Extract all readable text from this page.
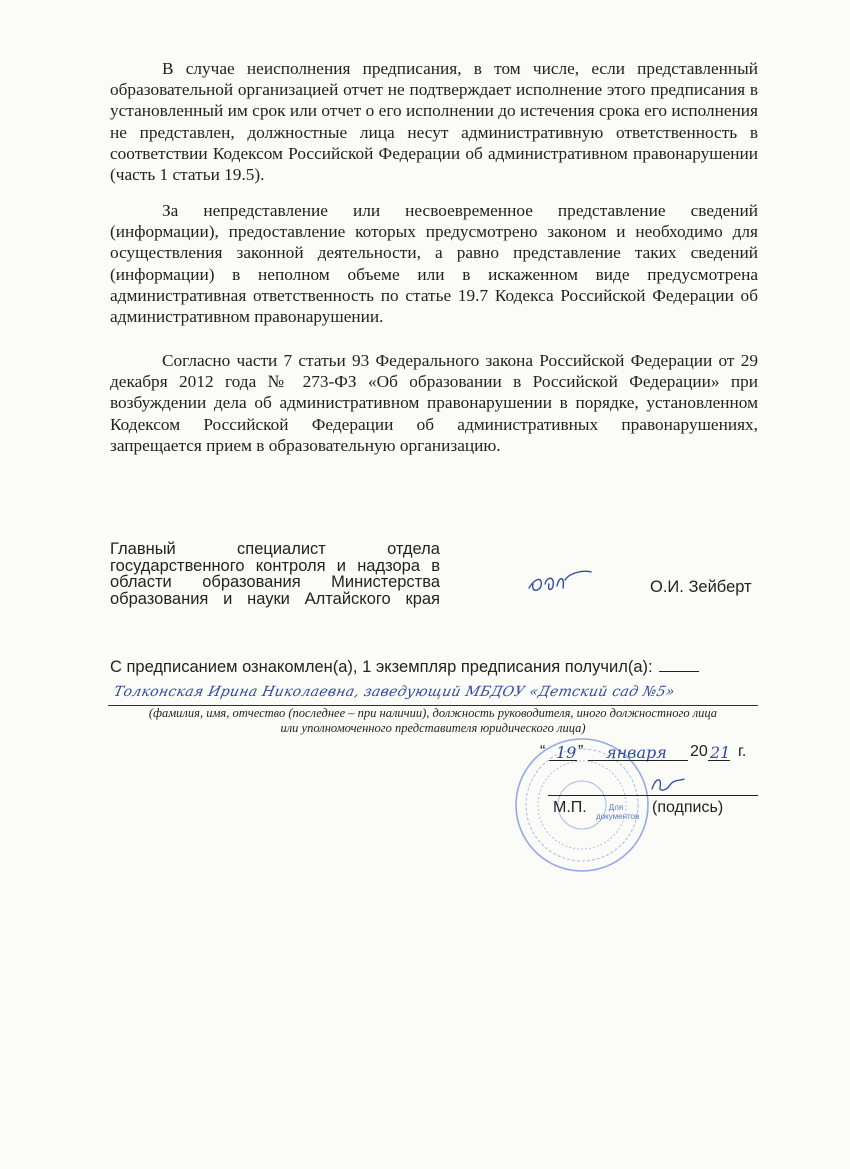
В случае неисполнения предписания, в том числе, если представленный образовательной организацией отчет не подтверждает исполнение этого предписания в установленный им срок или отчет о его исполнении до истечения срока его исполнения не представлен, должностные лица несут административную ответственность в соответствии Кодексом Российской Федерации об административном правонарушении (часть 1 статьи 19.5).

За непредставление или несвоевременное представление сведений (информации), предоставление которых предусмотрено законом и необходимо для осуществления законной деятельности, а равно представление таких сведений (информации) в неполном объеме или в искаженном виде предусмотрена административная ответственность по статье 19.7 Кодекса Российской Федерации об административном правонарушении.

Согласно части 7 статьи 93 Федерального закона Российской Федерации от 29 декабря 2012 года № 273-ФЗ «Об образовании в Российской Федерации» при возбуждении дела об административном правонарушении в порядке, установленном Кодексом Российской Федерации об административных правонарушениях, запрещается прием в образовательную организацию.

Главный специалист отдела государственного контроля и надзора в области образования Министерства образования и науки Алтайского края

О.И. Зейберт
С предписанием ознакомлен(а), 1 экземпляр предписания получил(а):
Толконская Ирина Николаевна, заведующий МБДОУ «Детский сад №5»
(фамилия, имя, отчество (последнее – при наличии), должность руководителя, иного должностного лица
или уполномоченного представителя юридического лица)
Для документов
“ 19 ” января 20 21 г.
М.П.	(подпись)
